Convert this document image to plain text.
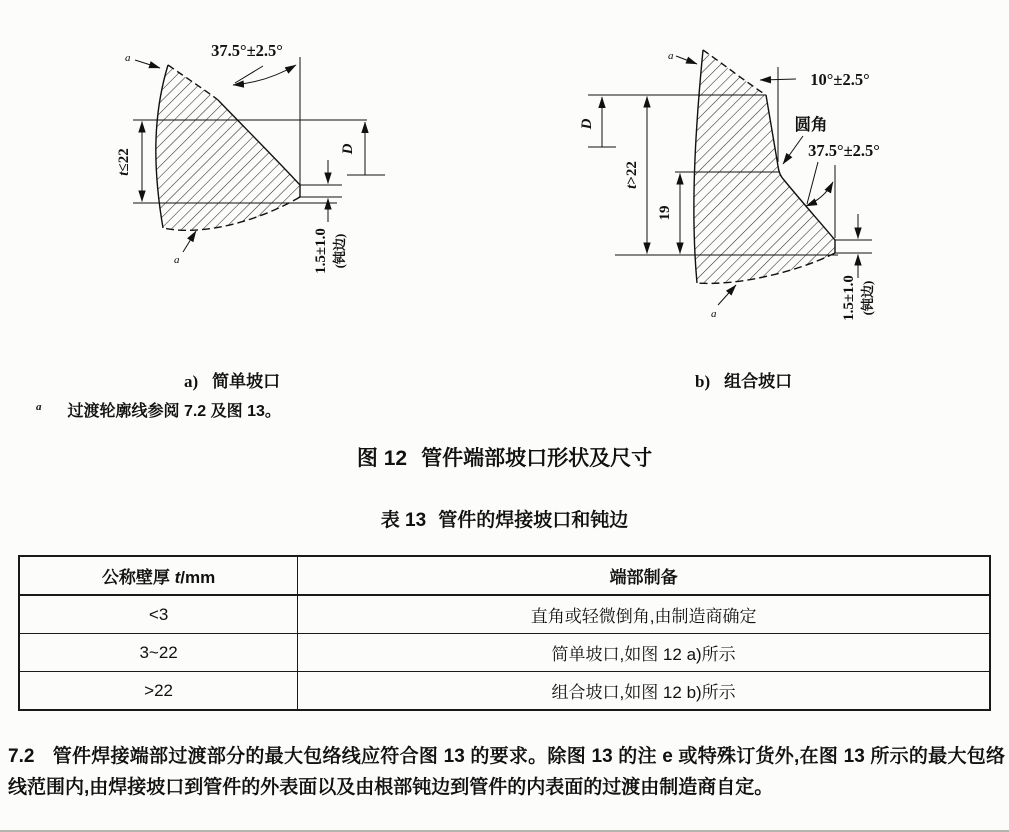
37.5°±2.5°
t≤22	D
1.5±1.0 (钝边)
a
a
10°±2.5°
圆角
37.5°±2.5°
t>22
19
D
1.5±1.0 (钝边)
a
a
a) 简单坡口	b) 组合坡口
$^a$ 过渡轮廓线参阅 7.2 及图 13。
图 12 管件端部坡口形状及尺寸
表 13 管件的焊接坡口和钝边
公称壁厚 t/mm	端部制备
<3	直角或轻微倒角,由制造商确定
3~22	简单坡口,如图 12 a)所示
>22	组合坡口,如图 12 b)所示

7.2 管件焊接端部过渡部分的最大包络线应符合图 13 的要求。除图 13 的注 e 或特殊订货外,在图 13 所示的最大包络线范围内,由焊接坡口到管件的外表面以及由根部钝边到管件的内表面的过渡由制造商自定。
